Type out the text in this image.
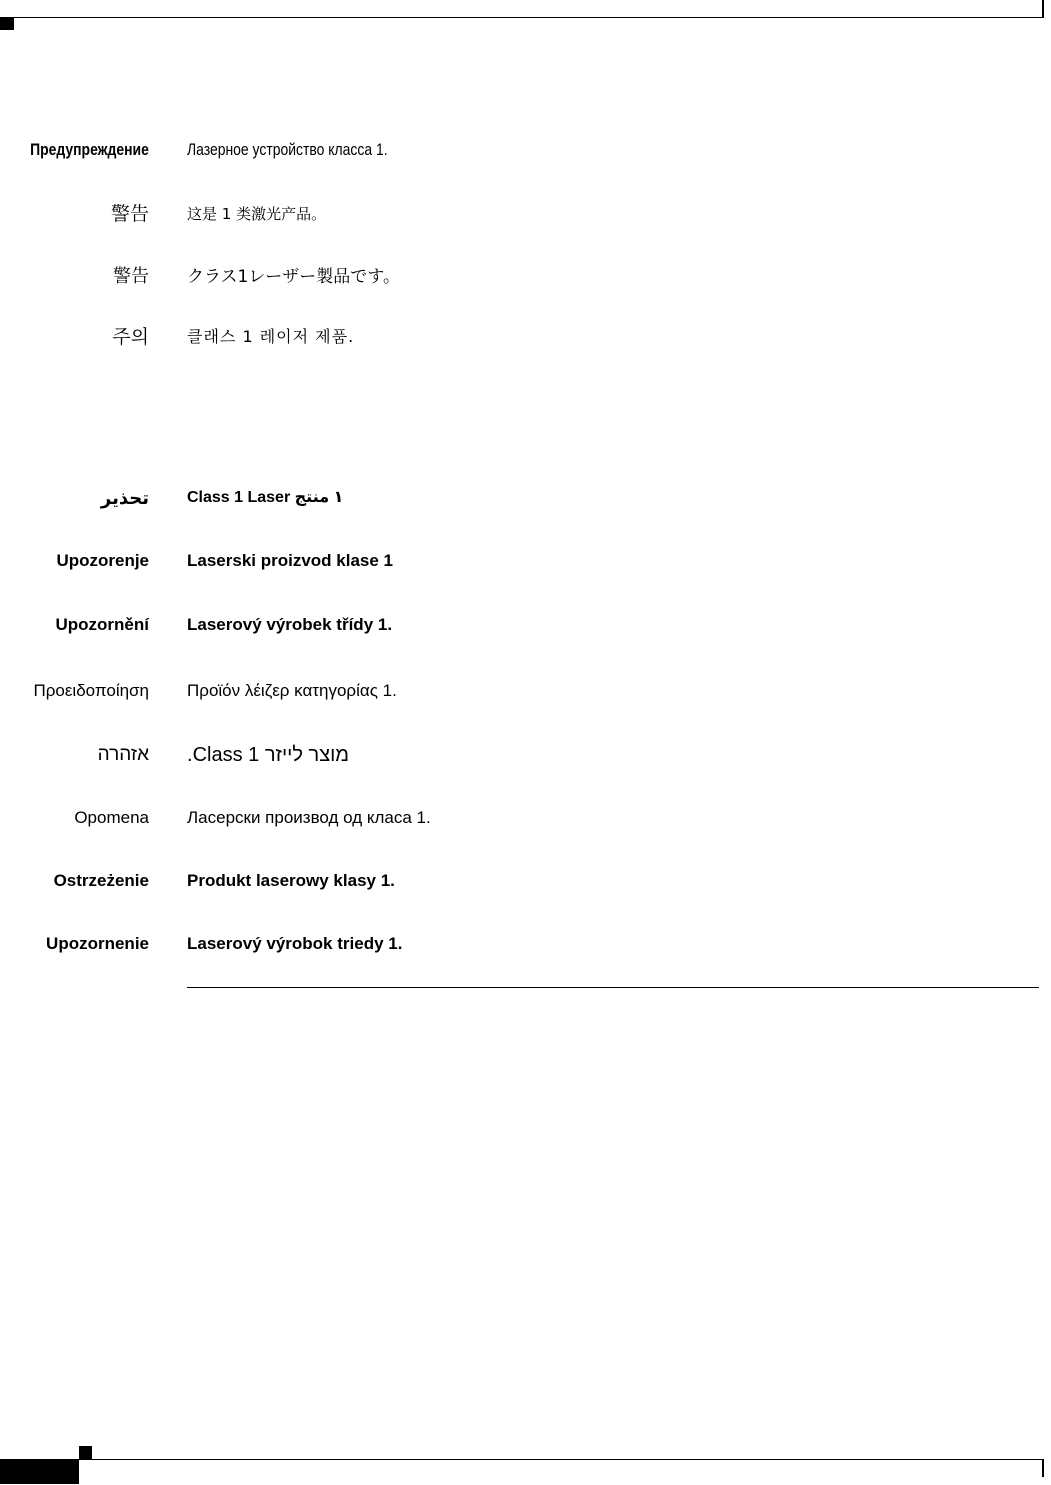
Предупреждение Лазерное устройство класса 1.
警告	这是 1 类激光产品。
警告 クラス1レーザー製品です。
주의 클래스 1 레이저 제품.
تحذير Class 1 Laser ١ منتج
Upozorenje Laserski proizvod klase 1
Upozornění Laserový výrobek třídy 1.
Προειδοποίηση Προϊόν λέιζερ κατηγορίας 1.
אזהרה מוצר לייזר Class 1.
Opomena Ласерски производ од класа 1.
Ostrzeżenie Produkt laserowy klasy 1.
Upozornenie Laserový výrobok triedy 1.
